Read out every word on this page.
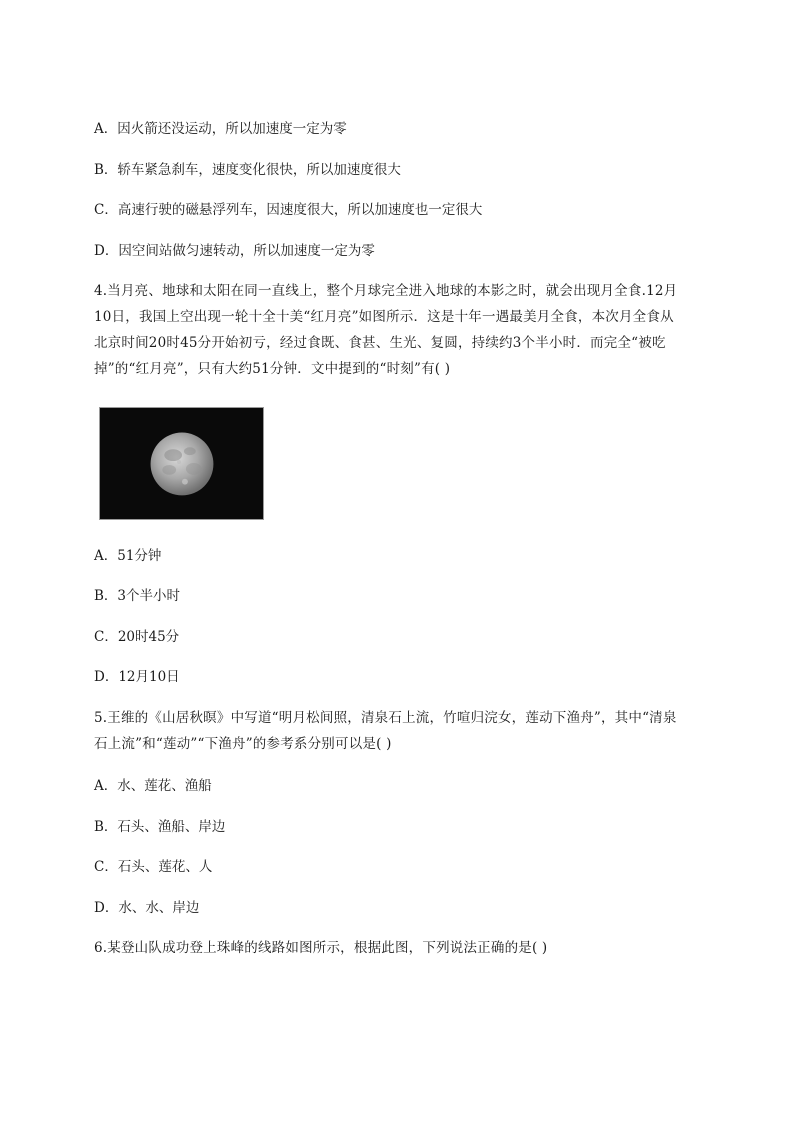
A．因火箭还没运动，所以加速度一定为零
B．轿车紧急刹车，速度变化很快，所以加速度很大
C．高速行驶的磁悬浮列车，因速度很大，所以加速度也一定很大
D．因空间站做匀速转动，所以加速度一定为零
4.当月亮、地球和太阳在同一直线上，整个月球完全进入地球的本影之时，就会出现月全食.12月
10日，我国上空出现一轮十全十美“红月亮”如图所示．这是十年一遇最美月全食，本次月全食从
北京时间20时45分开始初亏，经过食既、食甚、生光、复圆，持续约3个半小时．而完全“被吃
掉”的“红月亮”，只有大约51分钟．文中提到的“时刻”有( )
A．51分钟
B．3个半小时
C．20时45分
D．12月10日
5.王维的《山居秋暝》中写道“明月松间照，清泉石上流，竹喧归浣女，莲动下渔舟”，其中“清泉
石上流”和“莲动”“下渔舟”的参考系分别可以是( )
A．水、莲花、渔船
B．石头、渔船、岸边
C．石头、莲花、人
D．水、水、岸边
6.某登山队成功登上珠峰的线路如图所示，根据此图，下列说法正确的是( )
